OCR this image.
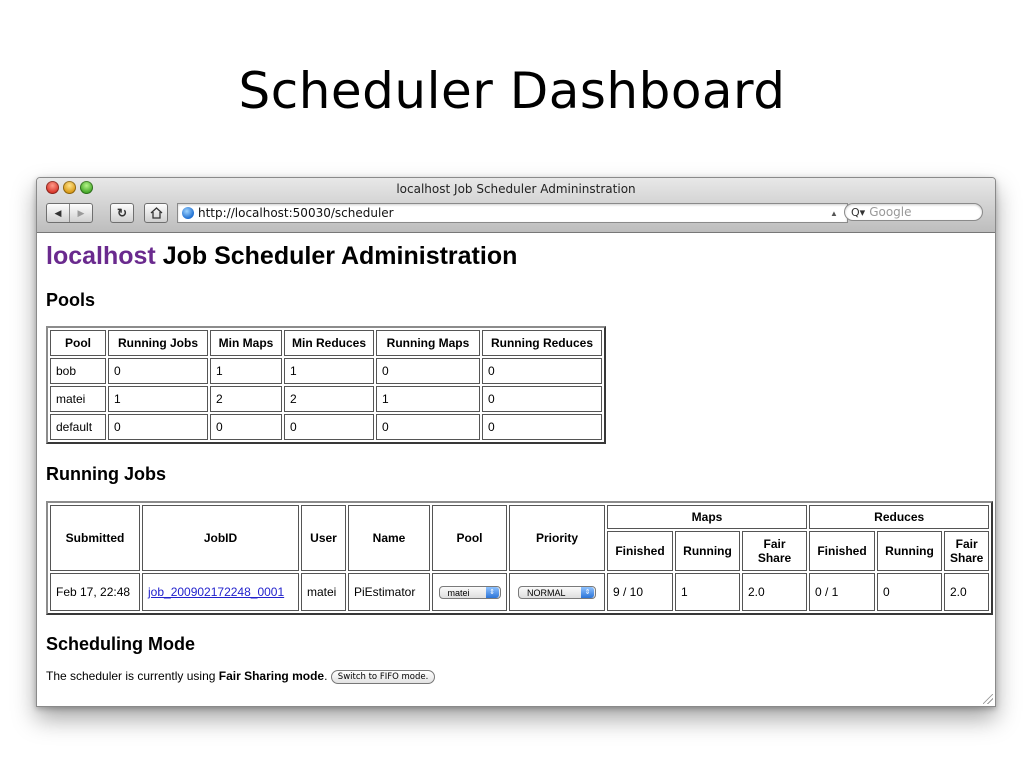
Scheduler Dashboard
localhost Job Scheduler Admininstration
◀ ▶	↻	http://localhost:50030/scheduler	▲ Q▾ Google
localhost Job Scheduler Administration
Pools
Pool	Running Jobs	Min Maps	Min Reduces	Running Maps	Running Reduces
bob	0	1	1	0	0
matei	1	2	2	1	0
default	0	0	0	0	0
Running Jobs
Submitted	JobID	User	Name	Pool	Priority	Maps			Reduces		
						Finished	Running	Fair Share	Finished	Running	Fair Share
Feb 17, 22:48	job_200902172248_0001	matei	PiEstimator	matei ⇕	NORMAL ⇕	9 / 10	1	2.0	0 / 1	0	2.0
Scheduling Mode
The scheduler is currently using Fair Sharing mode. Switch to FIFO mode.
